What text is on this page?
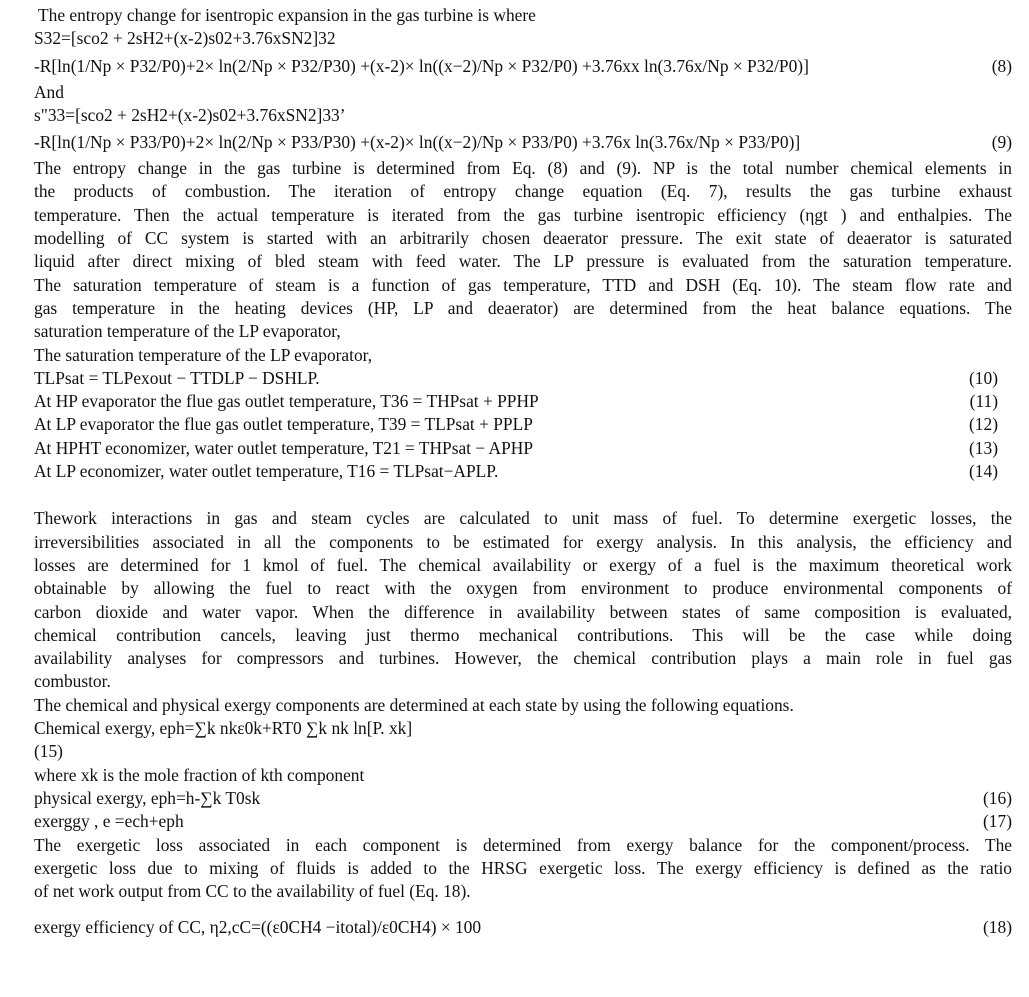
The entropy change for isentropic expansion in the gas turbine is where
S32=[sco2 + 2sH2+(x-2)s02+3.76xSN2]32
-R[ln(1/Np × P32/P0)+2× ln(2/Np × P32/P30) +(x-2)× ln((x−2)/Np × P32/P0) +3.76xx ln(3.76x/Np × P32/P0)]	(8)
And
s"33=[sco2 + 2sH2+(x-2)s02+3.76xSN2]33’
-R[ln(1/Np × P33/P0)+2× ln(2/Np × P33/P30) +(x-2)× ln((x−2)/Np × P33/P0) +3.76x ln(3.76x/Np × P33/P0)]	(9)
The entropy change in the gas turbine is determined from Eq. (8) and (9). NP is the total number chemical elements in
the products of combustion. The iteration of entropy change equation (Eq. 7), results the gas turbine exhaust
temperature. Then the actual temperature is iterated from the gas turbine isentropic efficiency (ηgt ) and enthalpies. The
modelling of CC system is started with an arbitrarily chosen deaerator pressure. The exit state of deaerator is saturated
liquid after direct mixing of bled steam with feed water. The LP pressure is evaluated from the saturation temperature.
The saturation temperature of steam is a function of gas temperature, TTD and DSH (Eq. 10). The steam flow rate and
gas temperature in the heating devices (HP, LP and deaerator) are determined from the heat balance equations. The
saturation temperature of the LP evaporator,
The saturation temperature of the LP evaporator,
TLPsat = TLPexout − TTDLP − DSHLP.	(10)
At HP evaporator the flue gas outlet temperature, T36 = THPsat + PPHP	(11)
At LP evaporator the flue gas outlet temperature, T39 = TLPsat + PPLP	(12)
At HPHT economizer, water outlet temperature, T21 = THPsat − APHP	(13)
At LP economizer, water outlet temperature, T16 = TLPsat−APLP.	(14)
Thework interactions in gas and steam cycles are calculated to unit mass of fuel. To determine exergetic losses, the
irreversibilities associated in all the components to be estimated for exergy analysis. In this analysis, the efficiency and
losses are determined for 1 kmol of fuel. The chemical availability or exergy of a fuel is the maximum theoretical work
obtainable by allowing the fuel to react with the oxygen from environment to produce environmental components of
carbon dioxide and water vapor. When the difference in availability between states of same composition is evaluated,
chemical contribution cancels, leaving just thermo mechanical contributions. This will be the case while doing
availability analyses for compressors and turbines. However, the chemical contribution plays a main role in fuel gas
combustor.
The chemical and physical exergy components are determined at each state by using the following equations.
Chemical exergy, eph=∑k nkε0k+RT0 ∑k nk ln[P. xk]
(15)
where xk is the mole fraction of kth component
physical exergy, eph=h-∑k T0sk	(16)
exerggy , e =ech+eph	(17)
The exergetic loss associated in each component is determined from exergy balance for the component/process. The
exergetic loss due to mixing of fluids is added to the HRSG exergetic loss. The exergy efficiency is defined as the ratio
of net work output from CC to the availability of fuel (Eq. 18).
exergy efficiency of CC, η2,cC=((ε0CH4 −itotal)/ε0CH4) × 100	(18)
